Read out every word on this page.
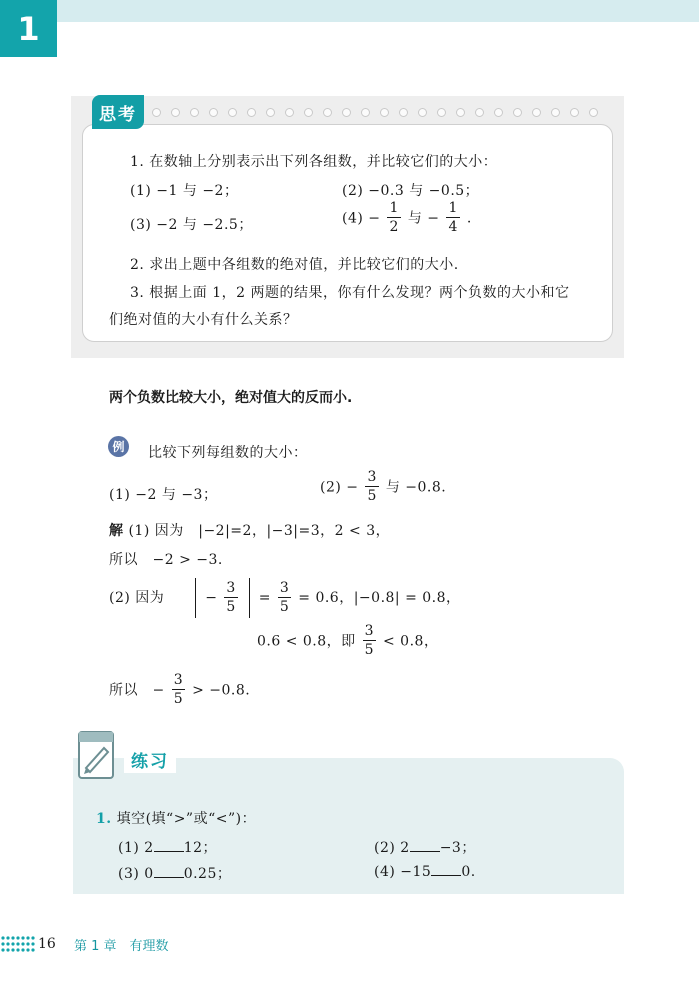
1
思考
1. 在数轴上分别表示出下列各组数，并比较它们的大小：
(1) −1 与 −2；	(2) −0.3 与 −0.5；
(3) −2 与 −2.5；	$(4) - \frac{1}{2}$ 与 − $\frac{1}{4}$ .
2. 求出上题中各组数的绝对值，并比较它们的大小.
3. 根据上面 1，2 两题的结果，你有什么发现？两个负数的大小和它
们绝对值的大小有什么关系？
两个负数比较大小，绝对值大的反而小.
例	比较下列每组数的大小：
(1) −2 与 −3；	$(2) - \frac{3}{5}$ 与 −0.8.
解 (1) 因为　|−2|=2，|−3|=3，2 < 3，
所以　−2 > −3.
(2) 因为	− $\frac{3}{5} = \frac{3}{5} = 0.6$，|−0.8| = 0.8，
0.6 < 0.8，即 $\frac{3}{5} < 0.8$，
所以　− $\frac{3}{5} > -0.8$.
练习
1. 填空(填“>”或“<”)：
(1) 2 12；	(2) 2 −3；
(3) 0 0.25；	(4) −15 0.
16 第 1 章　有理数
